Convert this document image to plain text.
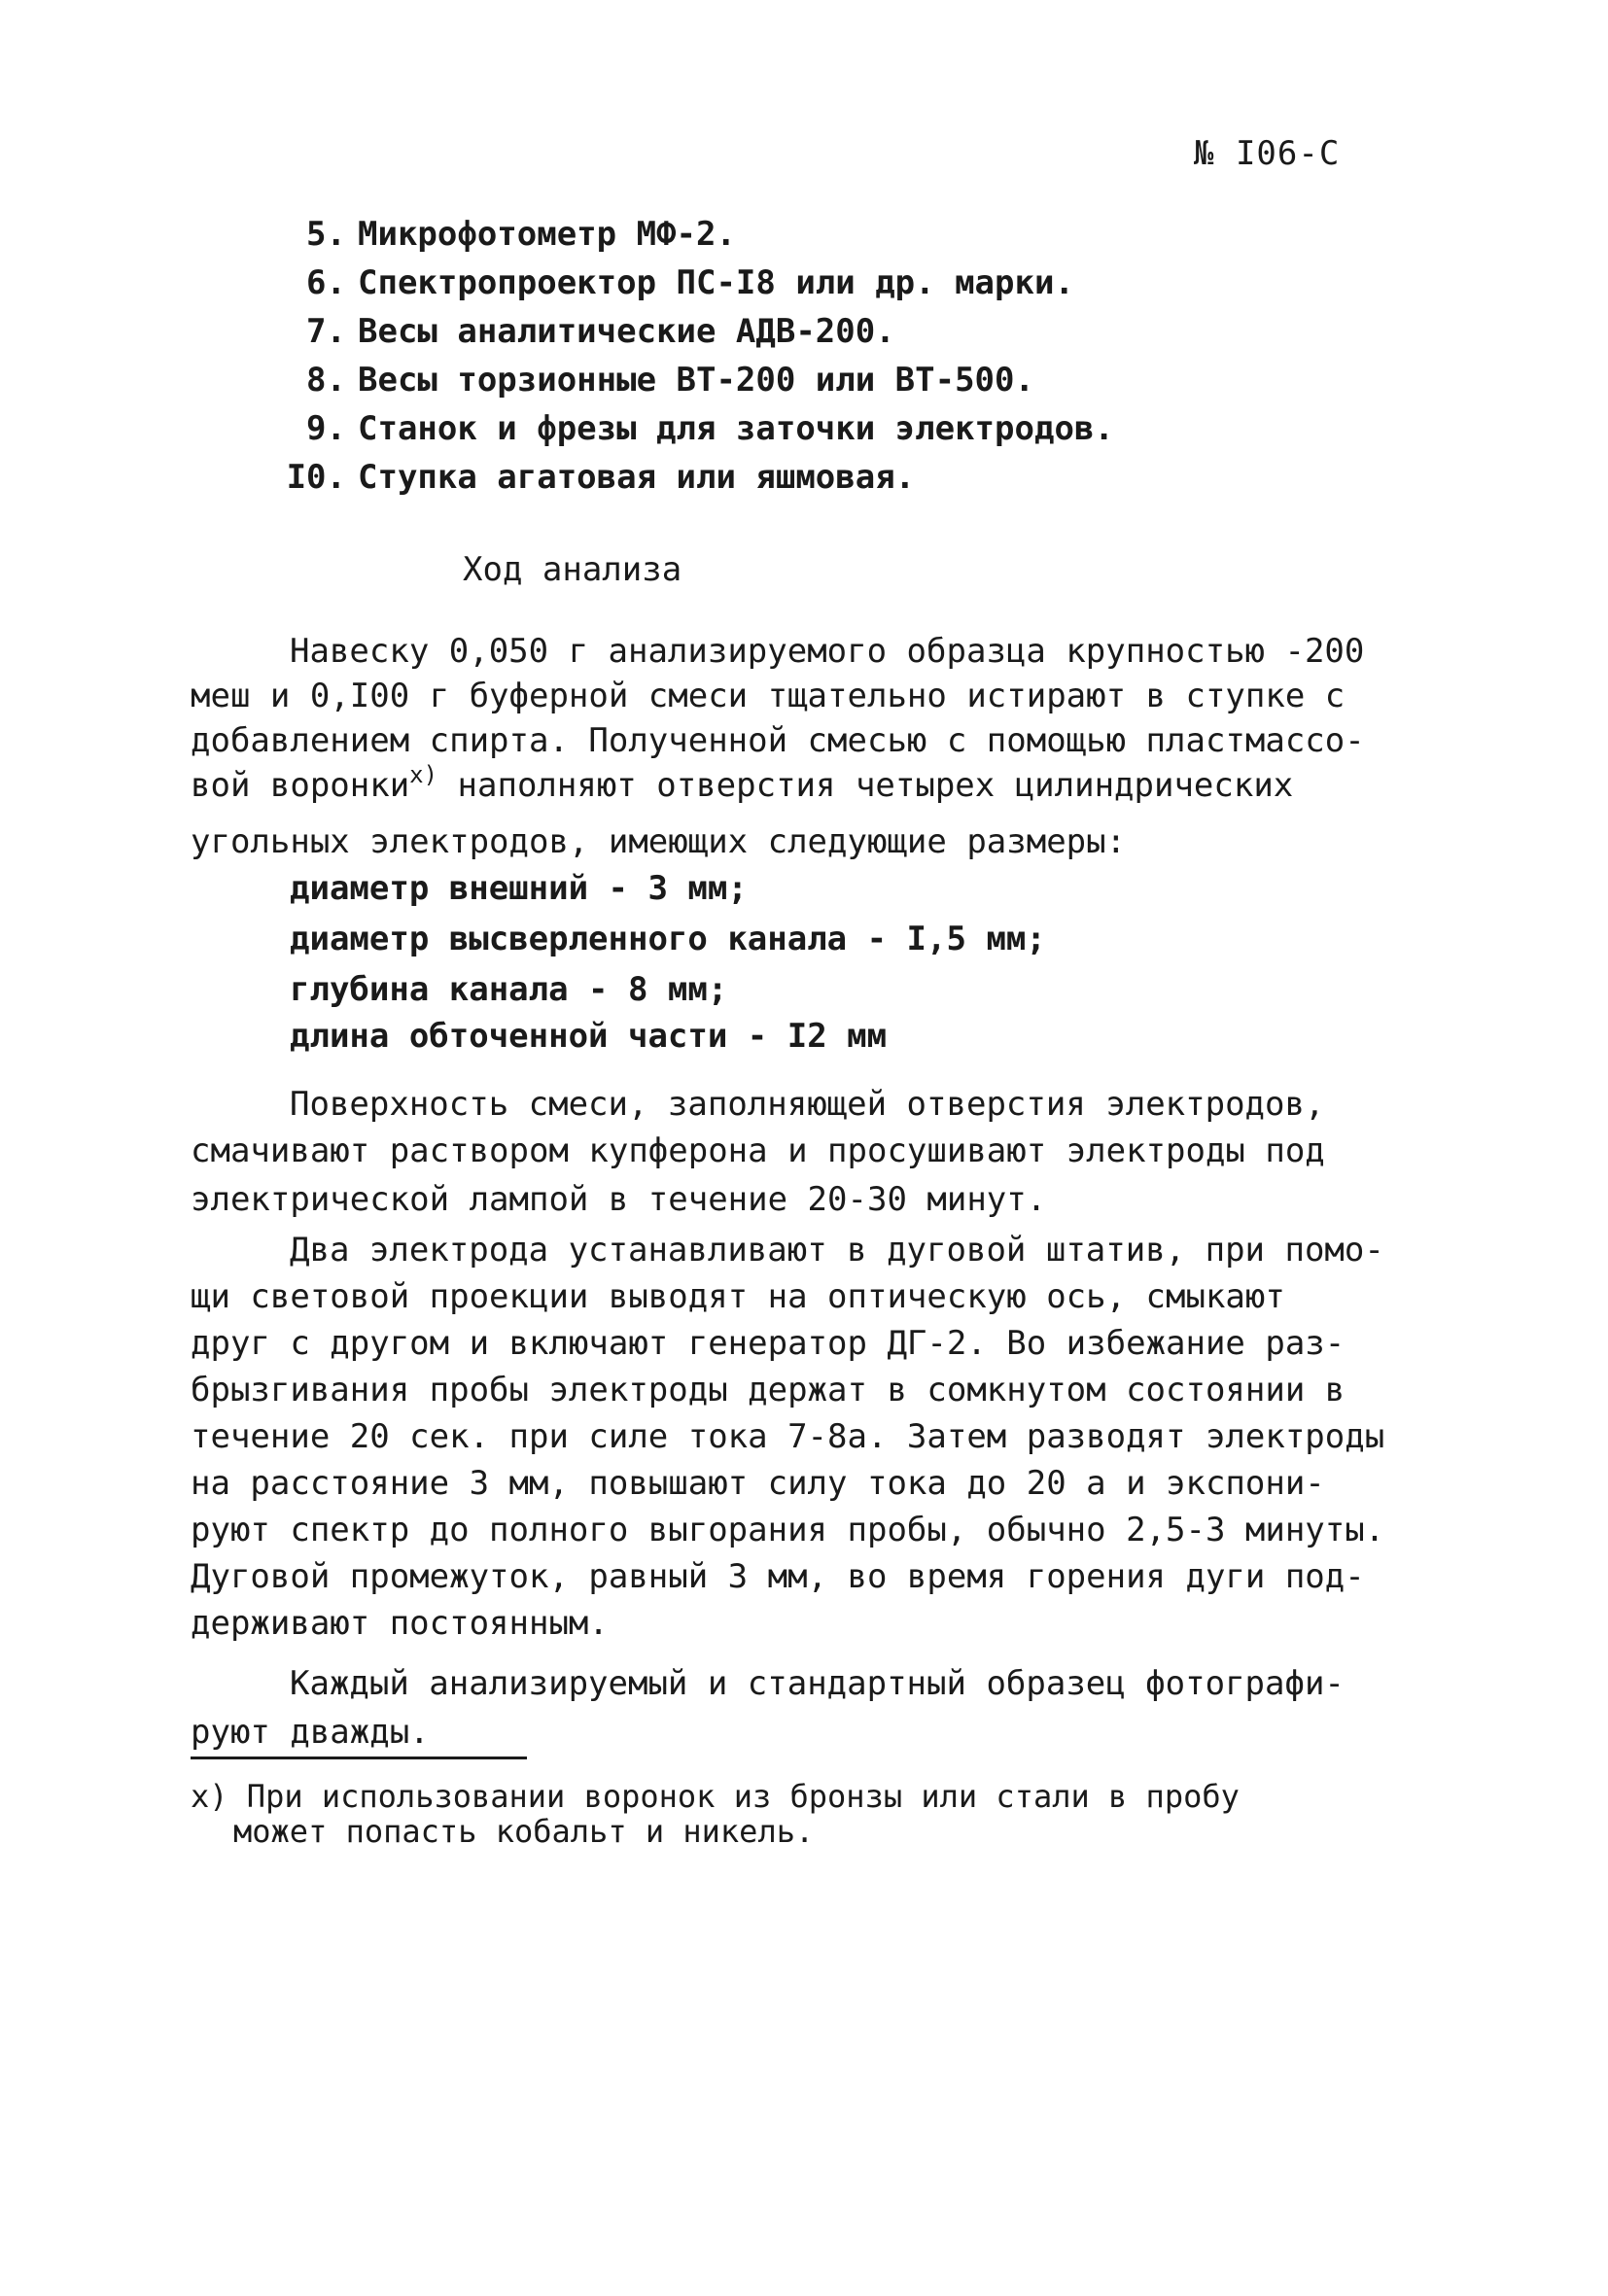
№ I06-С
5. Микрофотометр МФ-2.
6. Спектропроектор ПС-I8 или др. марки.
7. Весы аналитические АДВ-200.
8. Весы торзионные ВТ-200 или ВТ-500.
9. Станок и фрезы для заточки электродов.
I0. Ступка агатовая или яшмовая.
Ход анализа
Навеску 0,050 г анализируемого образца крупностью -200
меш и 0,I00 г буферной смеси тщательно истирают в ступке с
добавлением спирта. Полученной смесью с помощью пластмассо-
вой воронки$^{x)}$ наполняют отверстия четырех цилиндрических
угольных электродов, имеющих следующие размеры:
диаметр внешний - 3 мм;
диаметр высверленного канала - I,5 мм;
глубина канала - 8 мм;
длина обточенной части - I2 мм
Поверхность смеси, заполняющей отверстия электродов,
смачивают раствором купферона и просушивают электроды под
электрической лампой в течение 20-30 минут.
Два электрода устанавливают в дуговой штатив, при помо-
щи световой проекции выводят на оптическую ось, смыкают
друг с другом и включают генератор ДГ-2. Во избежание раз-
брызгивания пробы электроды держат в сомкнутом состоянии в
течение 20 сек. при силе тока 7-8а. Затем разводят электроды
на расстояние 3 мм, повышают силу тока до 20 а и экспони-
руют спектр до полного выгорания пробы, обычно 2,5-3 минуты.
Дуговой промежуток, равный 3 мм, во время горения дуги под-
держивают постоянным.
Каждый анализируемый и стандартный образец фотографи-
руют дважды.
x) При использовании воронок из бронзы или стали в пробу
может попасть кобальт и никель.
